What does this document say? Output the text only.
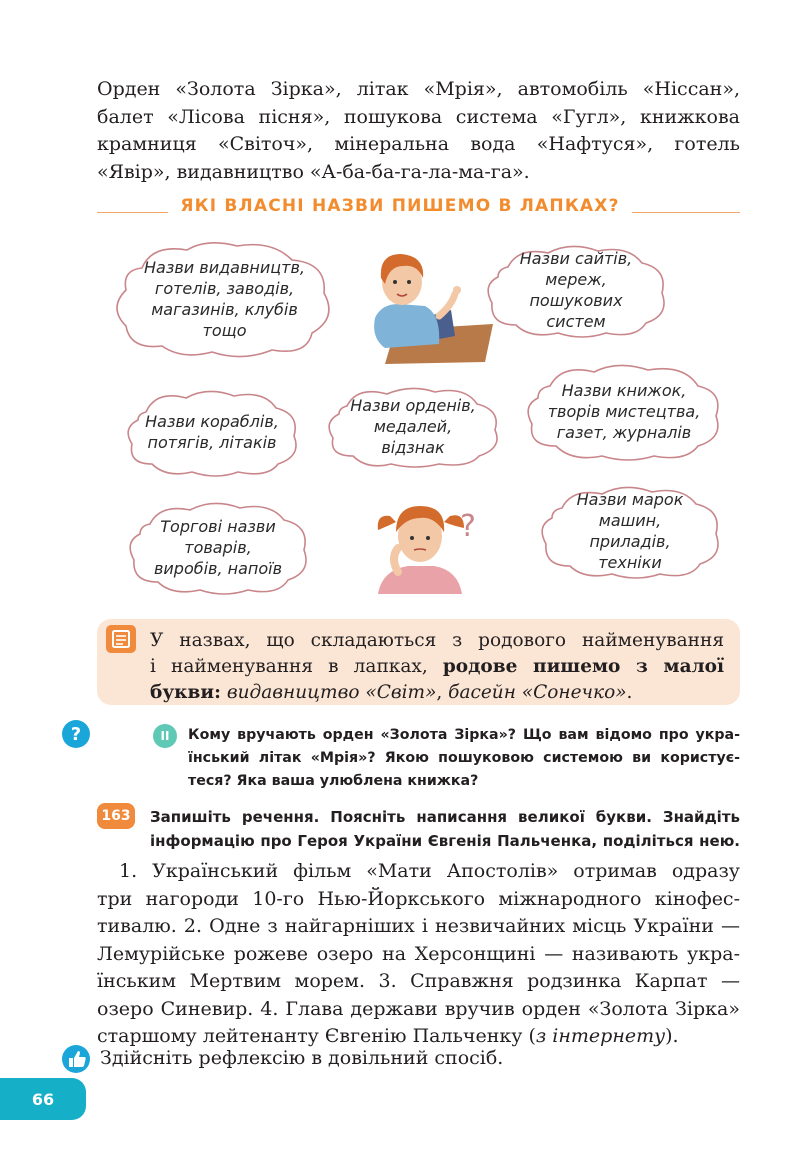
Орден «Золота Зірка», літак «Мрія», автомобіль «Ніссан»,
балет «Лісова пісня», пошукова система «Гугл», книжкова
крамниця «Світоч», мінеральна вода «Нафтуся», готель
«Явір», видавництво «А-ба-ба-га-ла-ма-га».
ЯКІ ВЛАСНІ НАЗВИ ПИШЕМО В ЛАПКАХ?
Назви видавництв, готелів, заводів, магазинів, клубів тощо
Назви сайтів, мереж, пошукових систем
Назви книжок, творів мистецтва, газет, журналів
Назви кораблів, потягів, літаків
Назви орденів, медалей, відзнак
Торгові назви товарів, виробів, напоїв
Назви марок машин, приладів, техніки
?
У назвах, що складаються з родового найменування
і найменування в лапках, родове пишемо з малої
букви: видавництво «Світ», басейн «Сонечко».
?	II Кому вручають орден «Золота Зірка»? Що вам відомо про укра-
їнський літак «Мрія»? Якою пошуковою системою ви користує-
теся? Яка ваша улюблена книжка?
163 Запишіть речення. Поясніть написання великої букви. Знайдіть
інформацію про Героя України Євгенія Пальченка, поділіться нею.
1. Український фільм «Мати Апостолів» отримав одразу
три нагороди 10-го Нью-Йоркського міжнародного кінофес-
тивалю. 2. Одне з найгарніших і незвичайних місць України —
Лемурійське рожеве озеро на Херсонщині — називають укра-
їнським Мертвим морем. 3. Справжня родзинка Карпат —
озеро Синевир. 4. Глава держави вручив орден «Золота Зірка»
старшому лейтенанту Євгенію Пальченку (з інтернету).
Здійсніть рефлексію в довільний спосіб.
66
